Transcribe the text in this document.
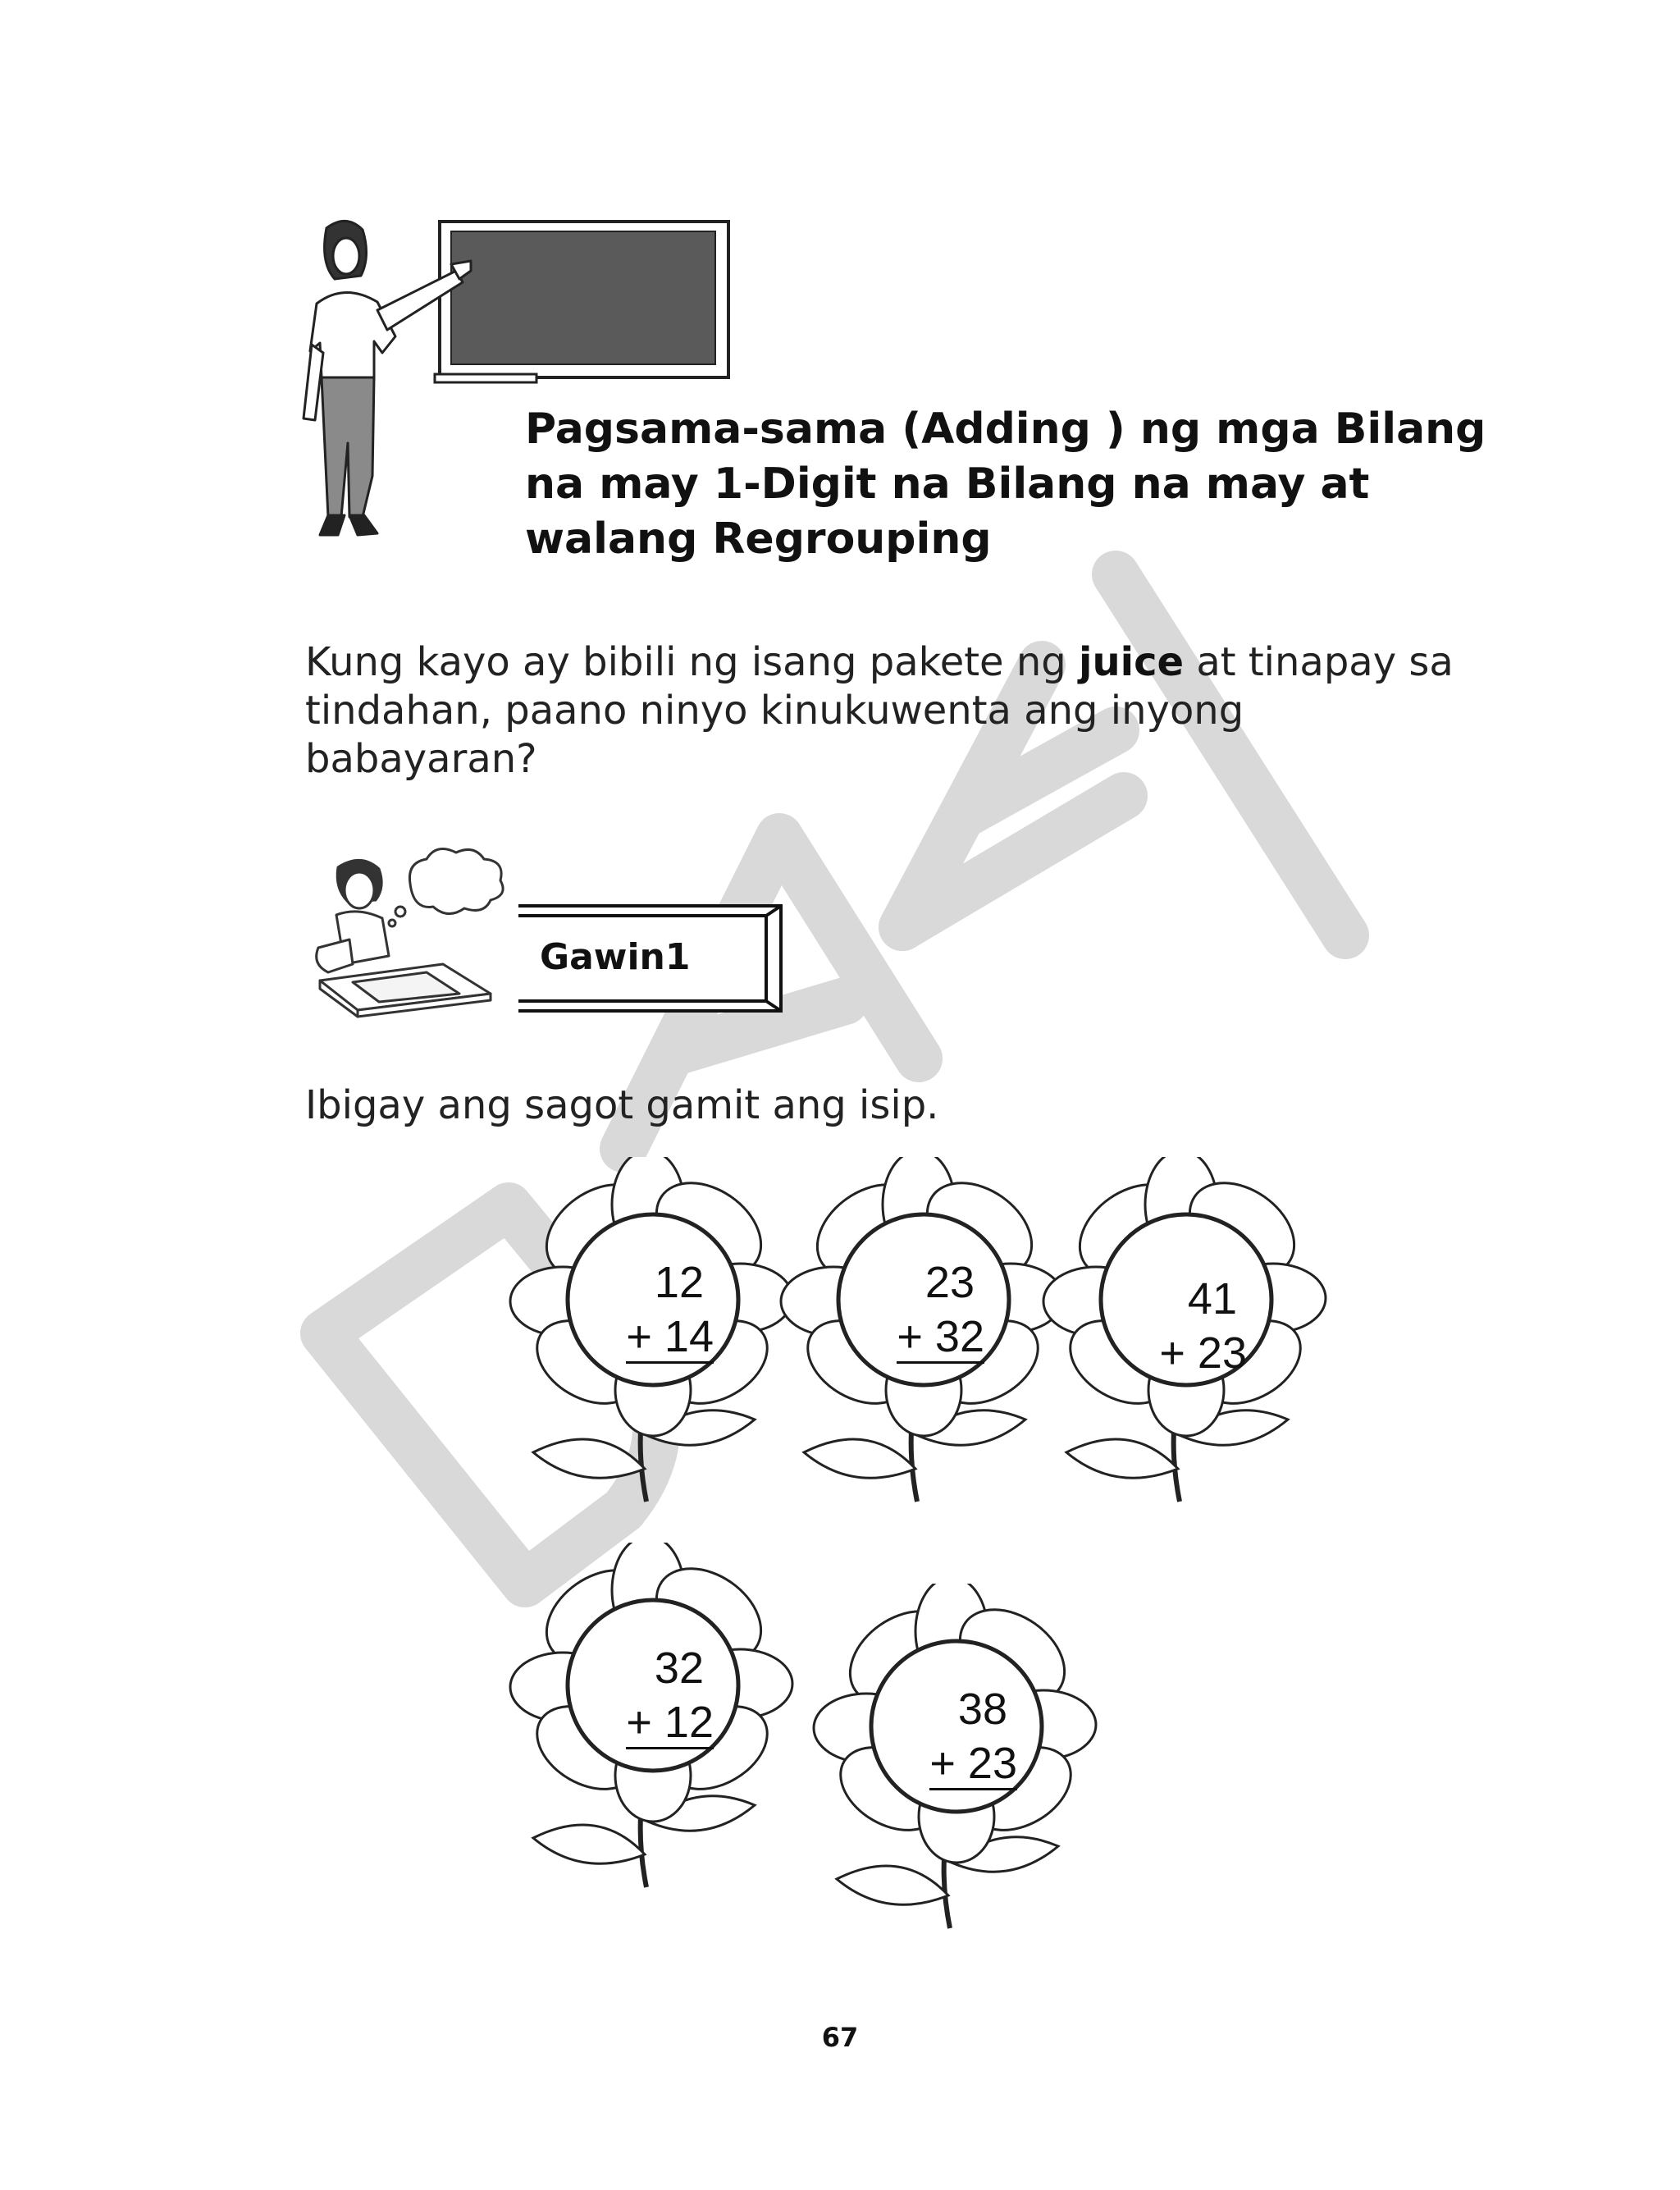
Pagsama-sama (Adding ) ng mga Bilang
na may 1-Digit na Bilang na may at
walang Regrouping
Kung kayo ay bibili ng isang pakete ng juice at tinapay sa
tindahan, paano ninyo kinukuwenta ang inyong
babayaran?
Gawin1
Ibigay ang sagot gamit ang isip.
12
+ 14
23
+ 32
41
+ 23
32
+ 12	38
+ 23
67
